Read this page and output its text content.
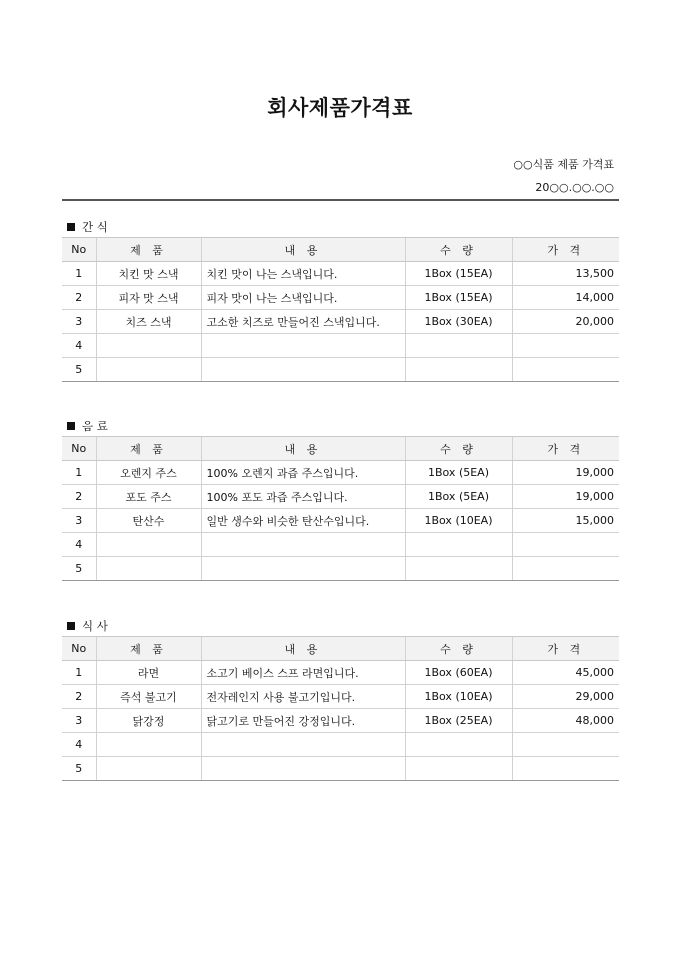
회사제품가격표
○○식품 제품 가격표
20○○.○○.○○
간 식
No	제 품	내 용	수 량	가 격
1	치킨 맛 스낵	치킨 맛이 나는 스낵입니다.	1Box (15EA)	13,500
2	피자 맛 스낵	피자 맛이 나는 스낵입니다.	1Box (15EA)	14,000
3	치즈 스낵	고소한 치즈로 만들어진 스낵입니다.	1Box (30EA)	20,000
4				
5				
음 료
No	제 품	내 용	수 량	가 격
1	오렌지 주스	100% 오렌지 과즙 주스입니다.	1Box (5EA)	19,000
2	포도 주스	100% 포도 과즙 주스입니다.	1Box (5EA)	19,000
3	탄산수	일반 생수와 비슷한 탄산수입니다.	1Box (10EA)	15,000
4				
5				
식 사
No	제 품	내 용	수 량	가 격
1	라면	소고기 베이스 스프 라면입니다.	1Box (60EA)	45,000
2	즉석 불고기	전자레인지 사용 불고기입니다.	1Box (10EA)	29,000
3	닭강정	닭고기로 만들어진 강정입니다.	1Box (25EA)	48,000
4				
5				
